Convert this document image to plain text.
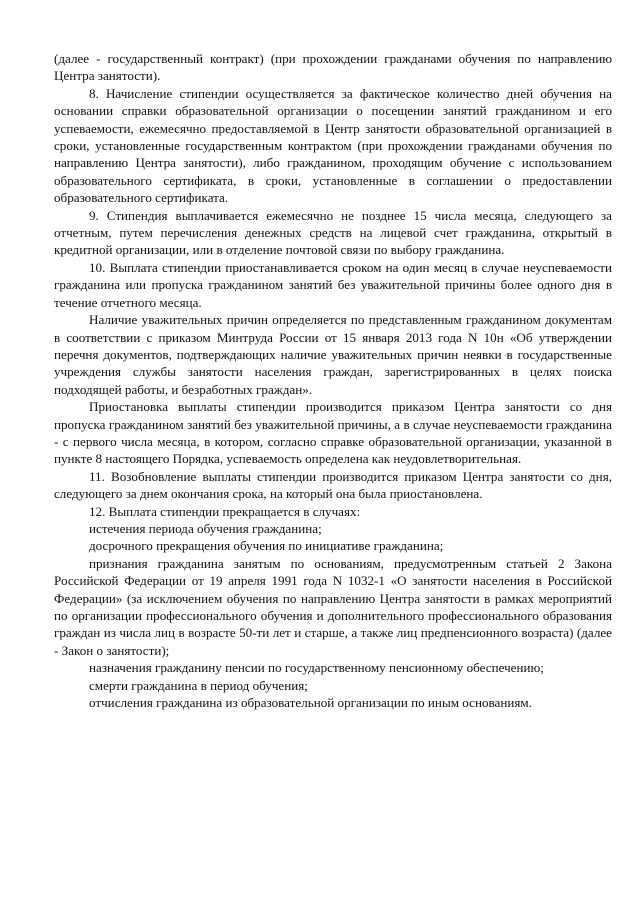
(далее - государственный контракт) (при прохождении гражданами обучения по направлению Центра занятости).

8. Начисление стипендии осуществляется за фактическое количество дней обучения на основании справки образовательной организации о посещении занятий гражданином и его успеваемости, ежемесячно предоставляемой в Центр занятости образовательной организацией в сроки, установленные государственным контрактом (при прохождении гражданами обучения по направлению Центра занятости), либо гражданином, проходящим обучение с использованием образовательного сертификата, в сроки, установленные в соглашении о предоставлении образовательного сертификата.

9. Стипендия выплачивается ежемесячно не позднее 15 числа месяца, следующего за отчетным, путем перечисления денежных средств на лицевой счет гражданина, открытый в кредитной организации, или в отделение почтовой связи по выбору гражданина.

10. Выплата стипендии приостанавливается сроком на один месяц в случае неуспеваемости гражданина или пропуска гражданином занятий без уважительной причины более одного дня в течение отчетного месяца.

Наличие уважительных причин определяется по представленным гражданином документам в соответствии с приказом Минтруда России от 15 января 2013 года N 10н «Об утверждении перечня документов, подтверждающих наличие уважительных причин неявки в государственные учреждения службы занятости населения граждан, зарегистрированных в целях поиска подходящей работы, и безработных граждан».

Приостановка выплаты стипендии производится приказом Центра занятости со дня пропуска гражданином занятий без уважительной причины, а в случае неуспеваемости гражданина - с первого числа месяца, в котором, согласно справке образовательной организации, указанной в пункте 8 настоящего Порядка, успеваемость определена как неудовлетворительная.

11. Возобновление выплаты стипендии производится приказом Центра занятости со дня, следующего за днем окончания срока, на который она была приостановлена.

12. Выплата стипендии прекращается в случаях:

истечения периода обучения гражданина;

досрочного прекращения обучения по инициативе гражданина;

признания гражданина занятым по основаниям, предусмотренным статьей 2 Закона Российской Федерации от 19 апреля 1991 года N 1032-1 «О занятости населения в Российской Федерации» (за исключением обучения по направлению Центра занятости в рамках мероприятий по организации профессионального обучения и дополнительного профессионального образования граждан из числа лиц в возрасте 50-ти лет и старше, а также лиц предпенсионного возраста) (далее - Закон о занятости);

назначения гражданину пенсии по государственному пенсионному обеспечению;

смерти гражданина в период обучения;

отчисления гражданина из образовательной организации по иным основаниям.
